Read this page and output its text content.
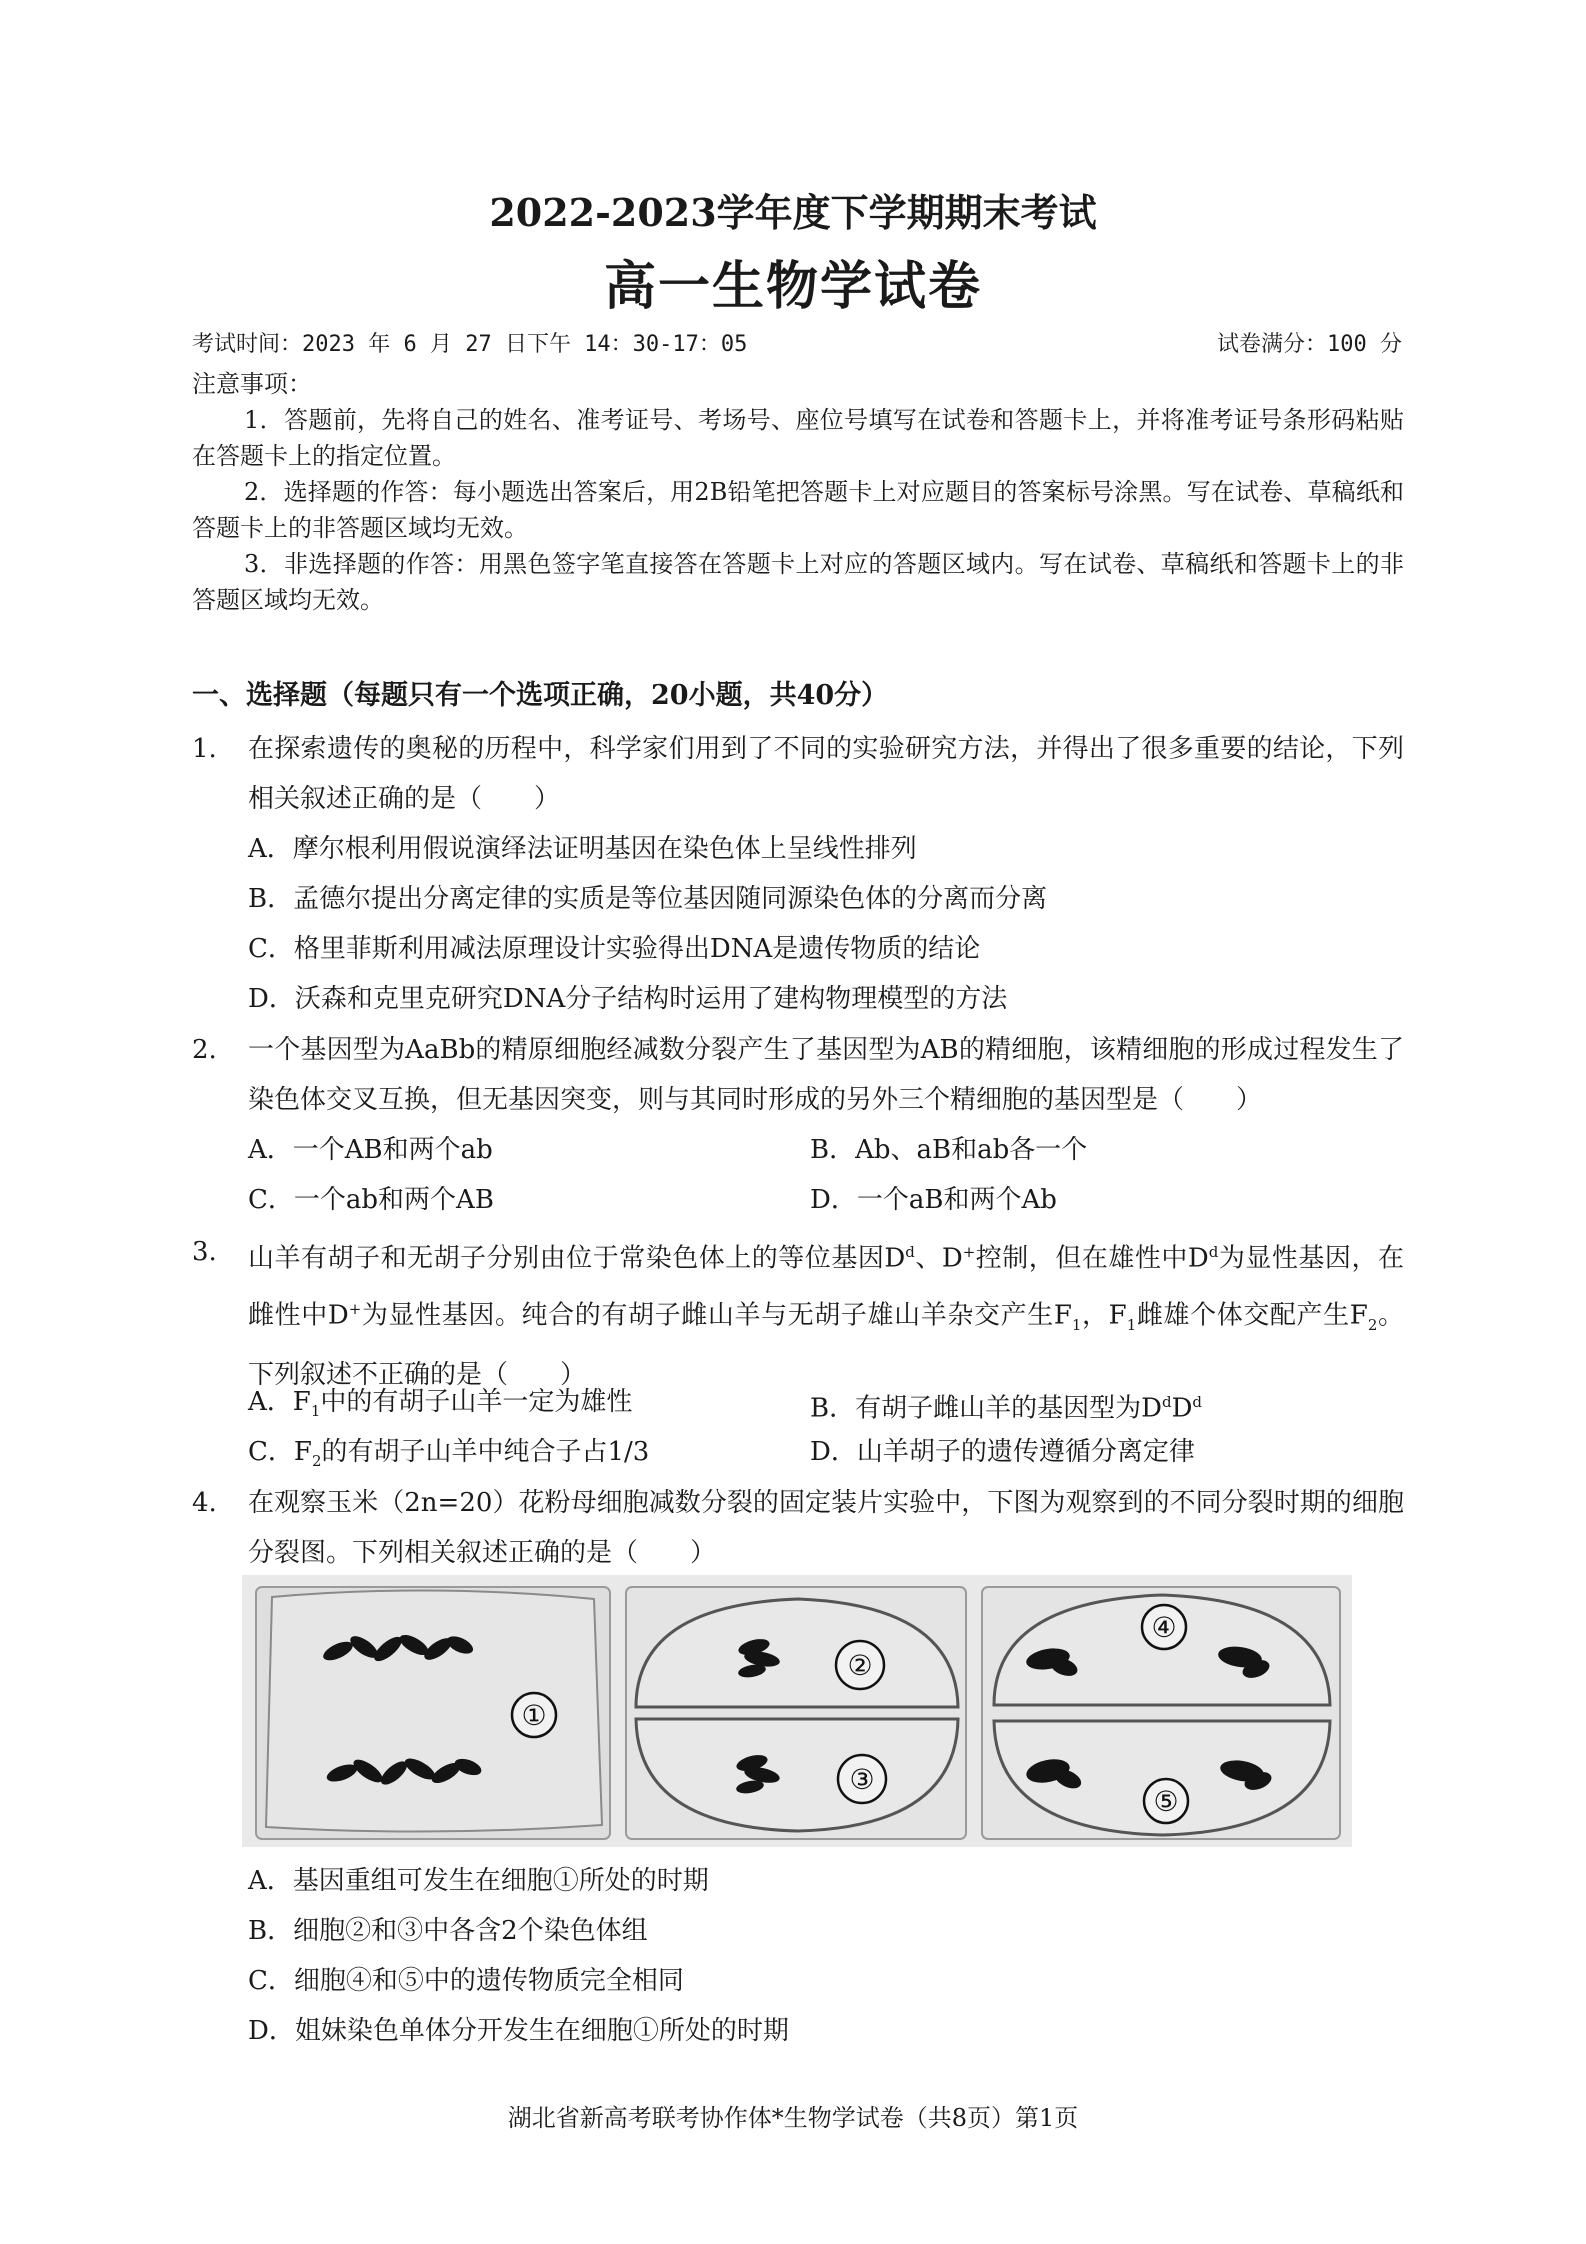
2022-2023学年度下学期期末考试
高一生物学试卷
考试时间：2023 年 6 月 27 日下午 14：30-17：05	试卷满分：100 分
注意事项：
1．答题前，先将自己的姓名、准考证号、考场号、座位号填写在试卷和答题卡上，并将准考证号条形码粘贴在答题卡上的指定位置。
2．选择题的作答：每小题选出答案后，用2B铅笔把答题卡上对应题目的答案标号涂黑。写在试卷、草稿纸和答题卡上的非答题区域均无效。
3．非选择题的作答：用黑色签字笔直接答在答题卡上对应的答题区域内。写在试卷、草稿纸和答题卡上的非答题区域均无效。
一、选择题（每题只有一个选项正确，20小题，共40分）
1. 在探索遗传的奥秘的历程中，科学家们用到了不同的实验研究方法，并得出了很多重要的结论，下列相关叙述正确的是（　　）
A．摩尔根利用假说演绎法证明基因在染色体上呈线性排列
B．孟德尔提出分离定律的实质是等位基因随同源染色体的分离而分离
C．格里菲斯利用减法原理设计实验得出DNA是遗传物质的结论
D．沃森和克里克研究DNA分子结构时运用了建构物理模型的方法
2. 一个基因型为AaBb的精原细胞经减数分裂产生了基因型为AB的精细胞，该精细胞的形成过程发生了染色体交叉互换，但无基因突变，则与其同时形成的另外三个精细胞的基因型是（　　）
A．一个AB和两个ab	B．Ab、aB和ab各一个
C．一个ab和两个AB	D．一个aB和两个Ab
3. 山羊有胡子和无胡子分别由位于常染色体上的等位基因$D^d$、D+控制，但在雄性中$D^d$为显性基因，在雌性中D+为显性基因。纯合的有胡子雌山羊与无胡子雄山羊杂交产生$F_1$，$F_1$雌雄个体交配产生$F_2$。下列叙述不正确的是（　　）
A．$F_1$中的有胡子山羊一定为雄性	B．有胡子雌山羊的基因型为$D^dD^d$
C．$F_2$的有胡子山羊中纯合子占1/3	D．山羊胡子的遗传遵循分离定律
4. 在观察玉米（2n=20）花粉母细胞减数分裂的固定装片实验中，下图为观察到的不同分裂时期的细胞分裂图。下列相关叙述正确的是（　　）
①
②
③
④
⑤
A．基因重组可发生在细胞①所处的时期
B．细胞②和③中各含2个染色体组
C．细胞④和⑤中的遗传物质完全相同
D．姐妹染色单体分开发生在细胞①所处的时期
湖北省新高考联考协作体*生物学试卷（共8页）第1页
